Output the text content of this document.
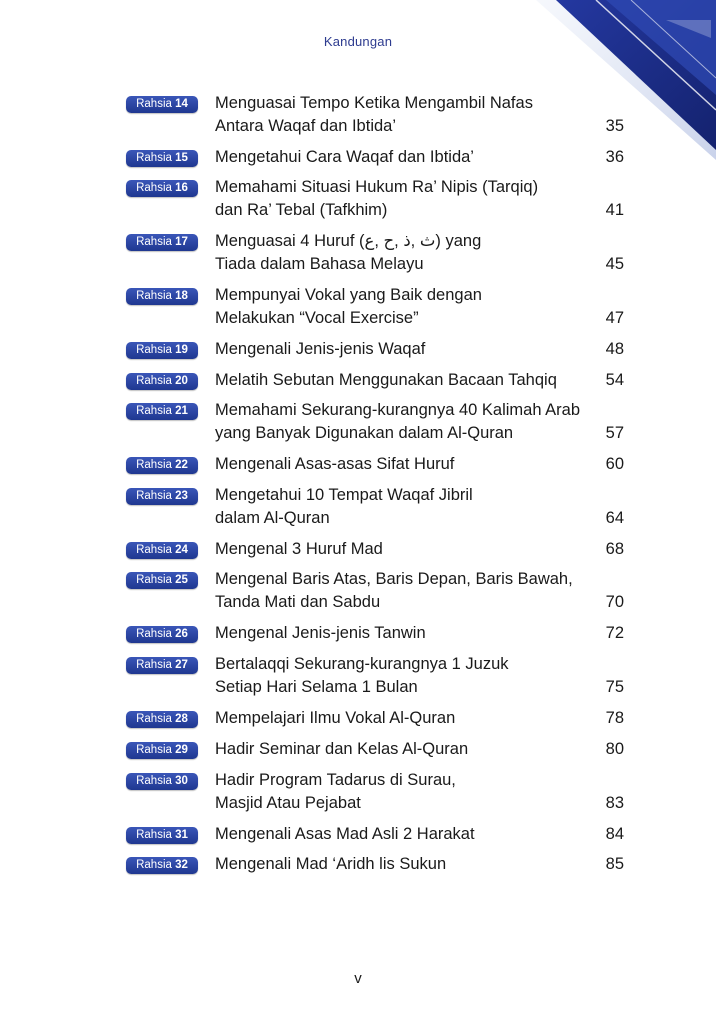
Kandungan
Rahsia 14	Menguasai Tempo Ketika Mengambil Nafas
Antara Waqaf dan Ibtida’	35
Rahsia 15	Mengetahui Cara Waqaf dan Ibtida’	36
Rahsia 16	Memahami Situasi Hukum Ra’ Nipis (Tarqiq)
dan Ra’ Tebal (Tafkhim)	41
Rahsia 17	Menguasai 4 Huruf (ث ,ذ ,ح ,ع) yang
Tiada dalam Bahasa Melayu	45
Rahsia 18	Mempunyai Vokal yang Baik dengan
Melakukan “Vocal Exercise”	47
Rahsia 19	Mengenali Jenis-jenis Waqaf	48
Rahsia 20	Melatih Sebutan Menggunakan Bacaan Tahqiq	54
Rahsia 21	Memahami Sekurang-kurangnya 40 Kalimah Arab
yang Banyak Digunakan dalam Al-Quran	57
Rahsia 22	Mengenali Asas-asas Sifat Huruf	60
Rahsia 23	Mengetahui 10 Tempat Waqaf Jibril
dalam Al-Quran	64
Rahsia 24	Mengenal 3 Huruf Mad	68
Rahsia 25	Mengenal Baris Atas, Baris Depan, Baris Bawah,
Tanda Mati dan Sabdu	70
Rahsia 26	Mengenal Jenis-jenis Tanwin	72
Rahsia 27	Bertalaqqi Sekurang-kurangnya 1 Juzuk
Setiap Hari Selama 1 Bulan	75
Rahsia 28	Mempelajari Ilmu Vokal Al-Quran	78
Rahsia 29	Hadir Seminar dan Kelas Al-Quran	80
Rahsia 30	Hadir Program Tadarus di Surau,
Masjid Atau Pejabat	83
Rahsia 31	Mengenali Asas Mad Asli 2 Harakat	84
Rahsia 32	Mengenali Mad ‘Aridh lis Sukun	85
v
